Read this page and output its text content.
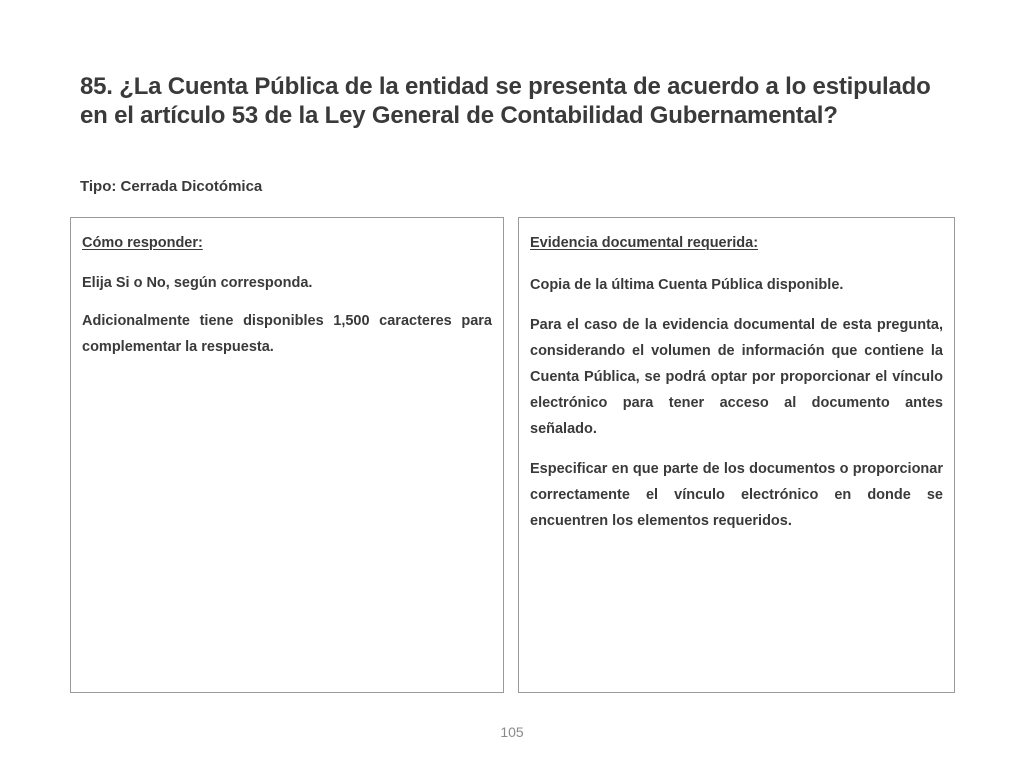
85. ¿La Cuenta Pública de la entidad se presenta de acuerdo a lo estipulado en el artículo 53 de la Ley General de Contabilidad Gubernamental?
Tipo: Cerrada Dicotómica
Cómo responder:

Elija Si o No, según corresponda.

Adicionalmente tiene disponibles 1,500 caracteres para complementar la respuesta.

Evidencia documental requerida:

Copia de la última Cuenta Pública disponible.

Para el caso de la evidencia documental de esta pregunta, considerando el volumen de información que contiene la Cuenta Pública, se podrá optar por proporcionar el vínculo electrónico para tener acceso al documento antes señalado.

Especificar en que parte de los documentos o proporcionar correctamente el vínculo electrónico en donde se encuentren los elementos requeridos.

105
